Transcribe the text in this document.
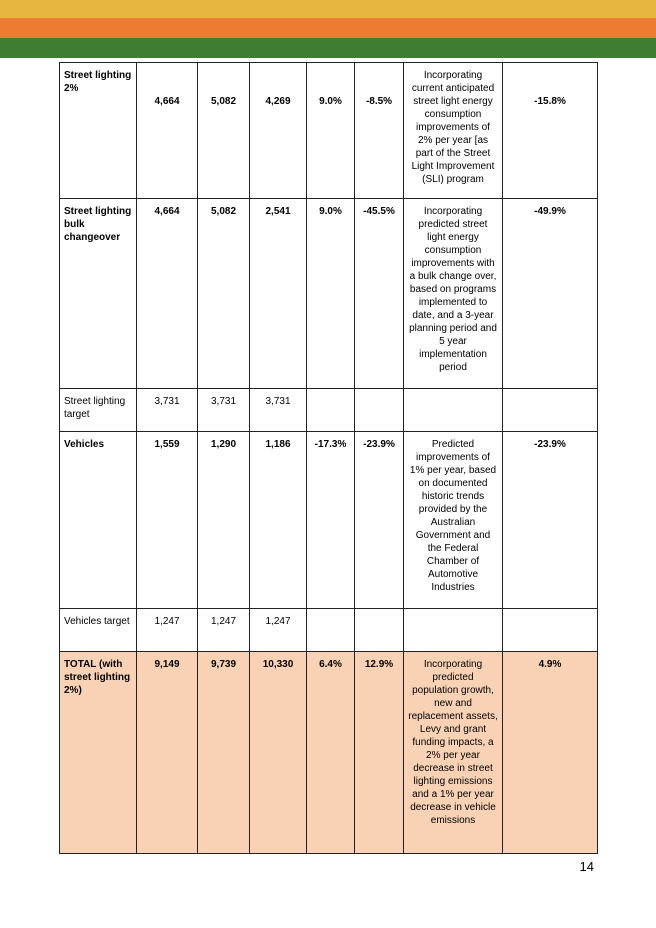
Street lighting 2%	4,664	5,082	4,269	9.0%	-8.5%	Incorporating current anticipated street light energy consumption improvements of 2% per year [as part of the Street Light Improvement (SLI) program	-15.8%
Street lighting bulk changeover	4,664	5,082	2,541	9.0%	-45.5%	Incorporating predicted street light energy consumption improvements with a bulk change over, based on programs implemented to date, and a 3-year planning period and 5 year implementation period	-49.9%
Street lighting target	3,731	3,731	3,731				
Vehicles	1,559	1,290	1,186	-17.3%	-23.9%	Predicted improvements of 1% per year, based on documented historic trends provided by the Australian Government and the Federal Chamber of Automotive Industries	-23.9%
Vehicles target	1,247	1,247	1,247				
TOTAL (with street lighting 2%)	9,149	9,739	10,330	6.4%	12.9%	Incorporating predicted population growth, new and replacement assets, Levy and grant funding impacts, a 2% per year decrease in street lighting emissions and a 1% per year decrease in vehicle emissions	4.9%
14
